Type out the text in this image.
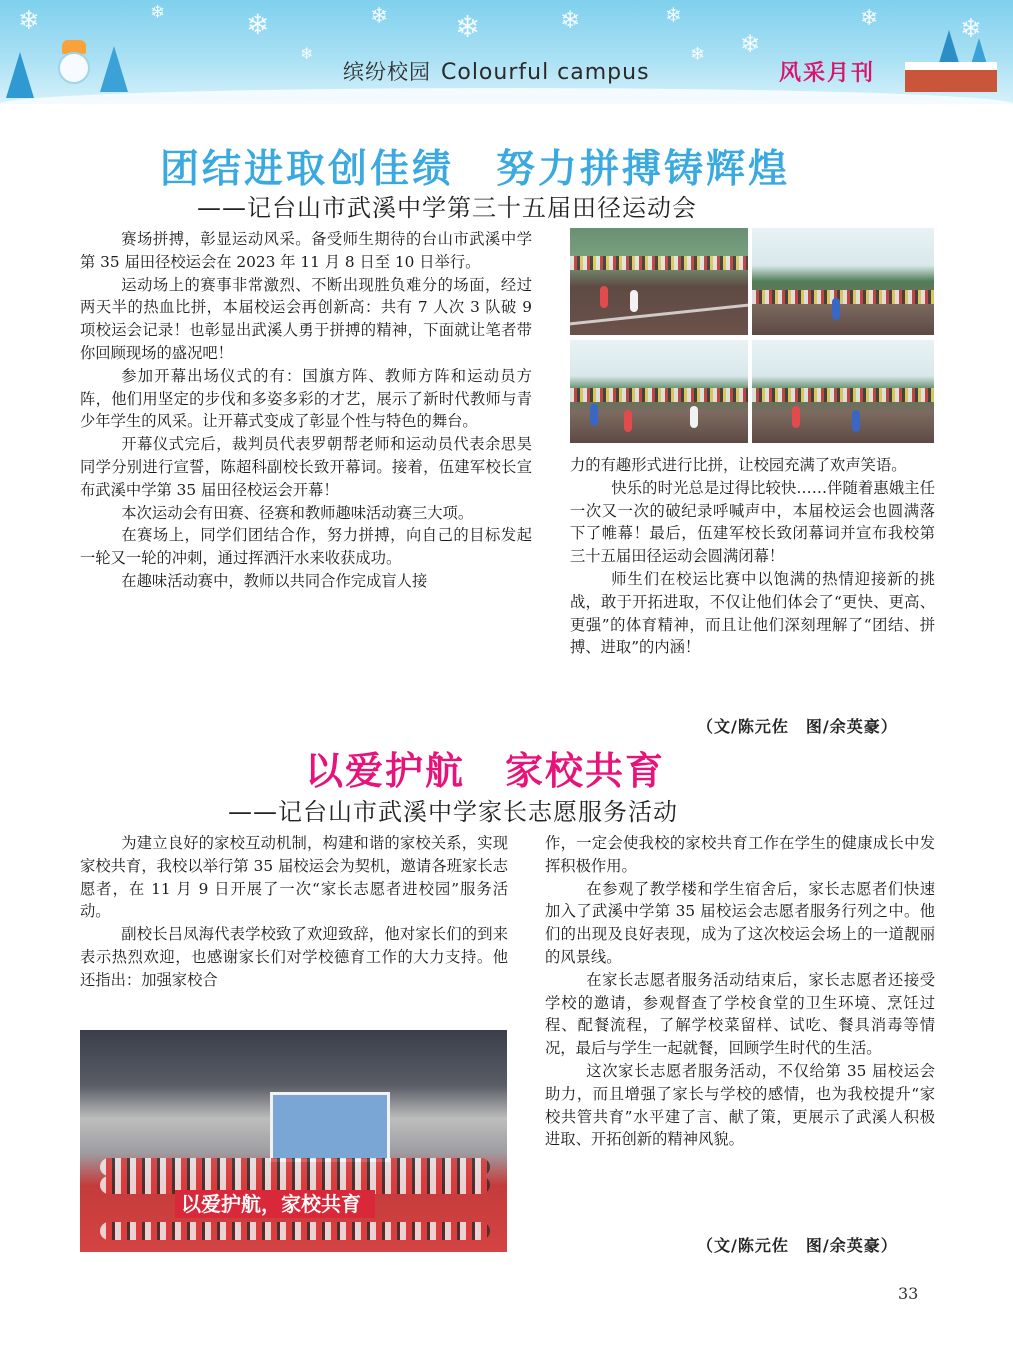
❄	❄	❄	❄ ❄	❄	❄
❄
❄	❄
❄	❄
缤纷校园 Colourful campus	风采月刊
团结进取创佳绩　努力拼搏铸辉煌
——记台山市武溪中学第三十五届田径运动会

赛场拼搏，彰显运动风采。备受师生期待的台山市武溪中学第 35 届田径校运会在 2023 年 11 月 8 日至 10 日举行。

运动场上的赛事非常激烈、不断出现胜负难分的场面，经过两天半的热血比拼，本届校运会再创新高：共有 7 人次 3 队破 9 项校运会记录！也彰显出武溪人勇于拼搏的精神，下面就让笔者带你回顾现场的盛况吧！

参加开幕出场仪式的有：国旗方阵、教师方阵和运动员方阵，他们用坚定的步伐和多姿多彩的才艺，展示了新时代教师与青少年学生的风采。让开幕式变成了彰显个性与特色的舞台。

开幕仪式完后，裁判员代表罗朝帮老师和运动员代表余思昊同学分别进行宣誓，陈超科副校长致开幕词。接着，伍建军校长宣布武溪中学第 35 届田径校运会开幕！

本次运动会有田赛、径赛和教师趣味活动赛三大项。

在赛场上，同学们团结合作，努力拼搏，向自己的目标发起一轮又一轮的冲刺，通过挥洒汗水来收获成功。

在趣味活动赛中，教师以共同合作完成盲人接

力的有趣形式进行比拼，让校园充满了欢声笑语。

快乐的时光总是过得比较快……伴随着惠娥主任一次又一次的破纪录呼喊声中，本届校运会也圆满落下了帷幕！最后，伍建军校长致闭幕词并宣布我校第三十五届田径运动会圆满闭幕！

师生们在校运比赛中以饱满的热情迎接新的挑战，敢于开拓进取，不仅让他们体会了“更快、更高、更强”的体育精神，而且让他们深刻理解了“团结、拼搏、进取”的内涵！

（文/陈元佐　图/余英豪）
以爱护航　家校共育
——记台山市武溪中学家长志愿服务活动

为建立良好的家校互动机制，构建和谐的家校关系，实现家校共育，我校以举行第 35 届校运会为契机，邀请各班家长志愿者，在 11 月 9 日开展了一次“家长志愿者进校园”服务活动。

副校长吕凤海代表学校致了欢迎致辞，他对家长们的到来表示热烈欢迎，也感谢家长们对学校德育工作的大力支持。他还指出：加强家校合

以爱护航，家校共育

作，一定会使我校的家校共育工作在学生的健康成长中发挥积极作用。

在参观了教学楼和学生宿舍后，家长志愿者们快速加入了武溪中学第 35 届校运会志愿者服务行列之中。他们的出现及良好表现，成为了这次校运会场上的一道靓丽的风景线。

在家长志愿者服务活动结束后，家长志愿者还接受学校的邀请，参观督查了学校食堂的卫生环境、烹饪过程、配餐流程，了解学校菜留样、试吃、餐具消毒等情况，最后与学生一起就餐，回顾学生时代的生活。

这次家长志愿者服务活动，不仅给第 35 届校运会助力，而且增强了家长与学校的感情，也为我校提升“家校共管共育”水平建了言、献了策，更展示了武溪人积极进取、开拓创新的精神风貌。

（文/陈元佐　图/余英豪）
33
